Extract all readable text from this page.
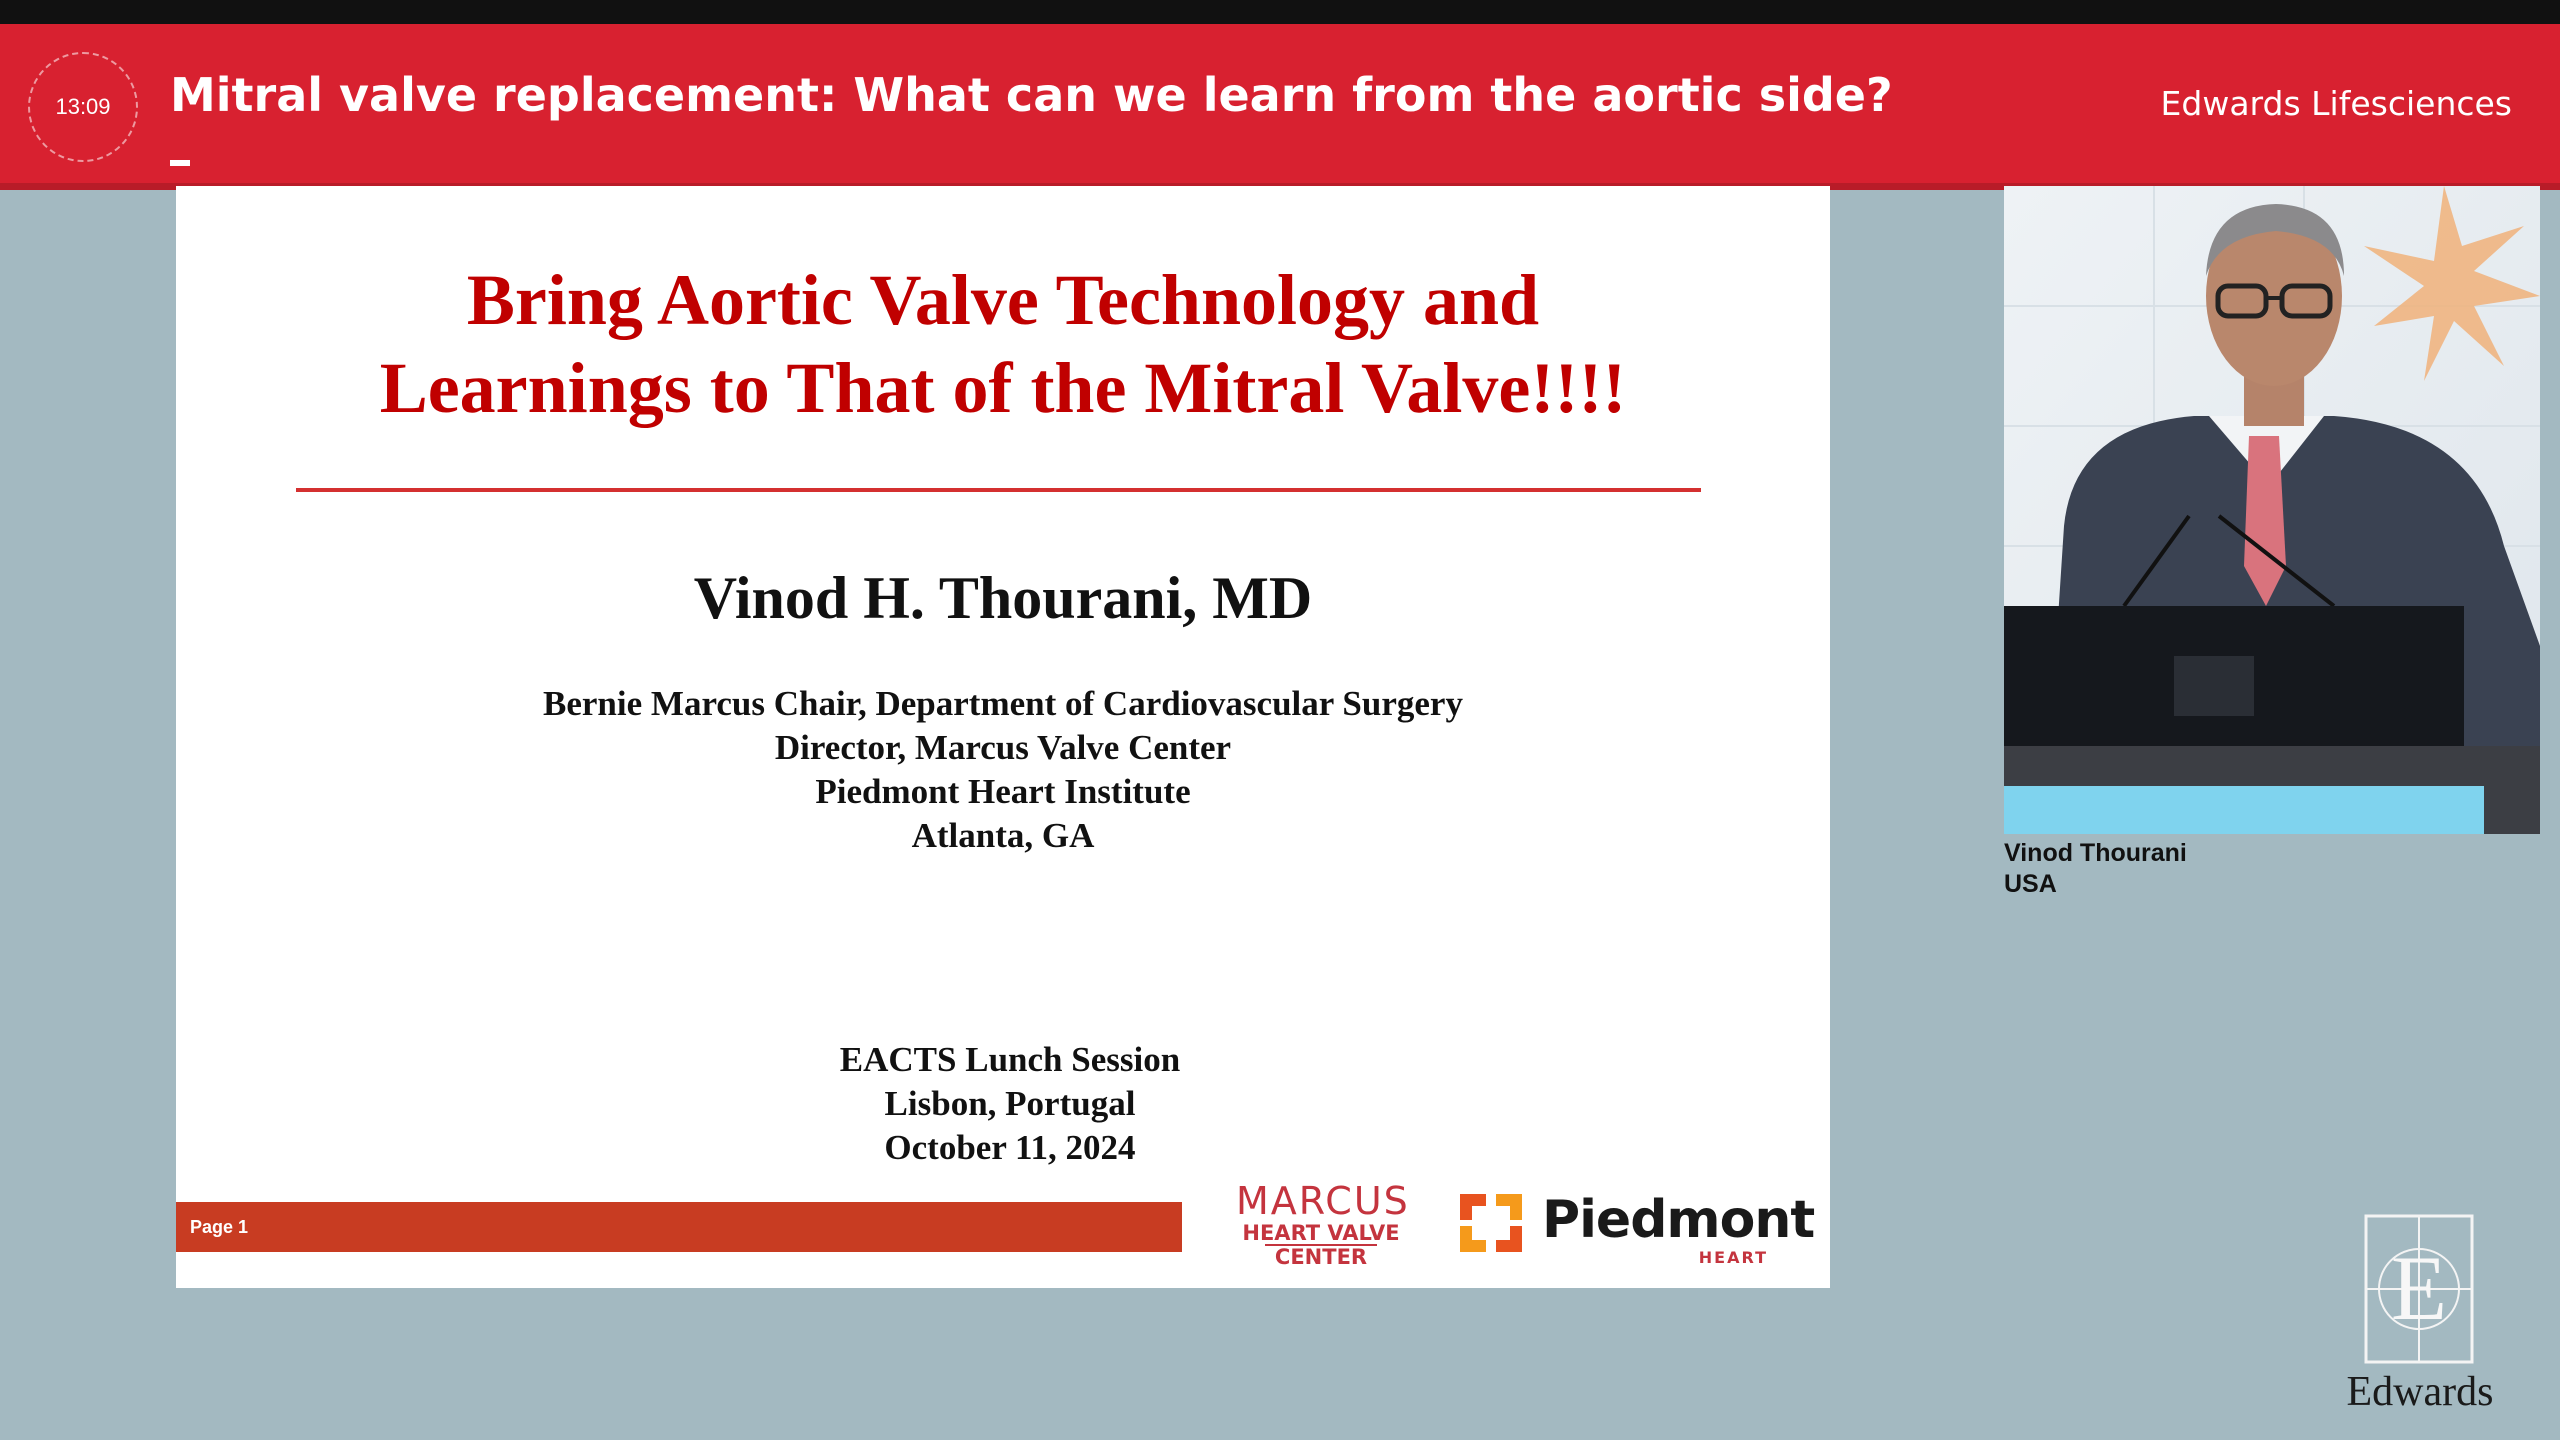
13:09	Mitral valve replacement: What can we learn from the aortic side?	Edwards Lifesciences
Bring Aortic Valve Technology and
Learnings to That of the Mitral Valve!!!!
Vinod H. Thourani, MD
Bernie Marcus Chair, Department of Cardiovascular Surgery
Director, Marcus Valve Center
Piedmont Heart Institute
Atlanta, GA
EACTS Lunch Session
Lisbon, Portugal
October 11, 2024
Page 1
MARCUS
HEART VALVE
CENTER
Piedmont
HEART
Vinod Thourani
USA
E
Edwards
